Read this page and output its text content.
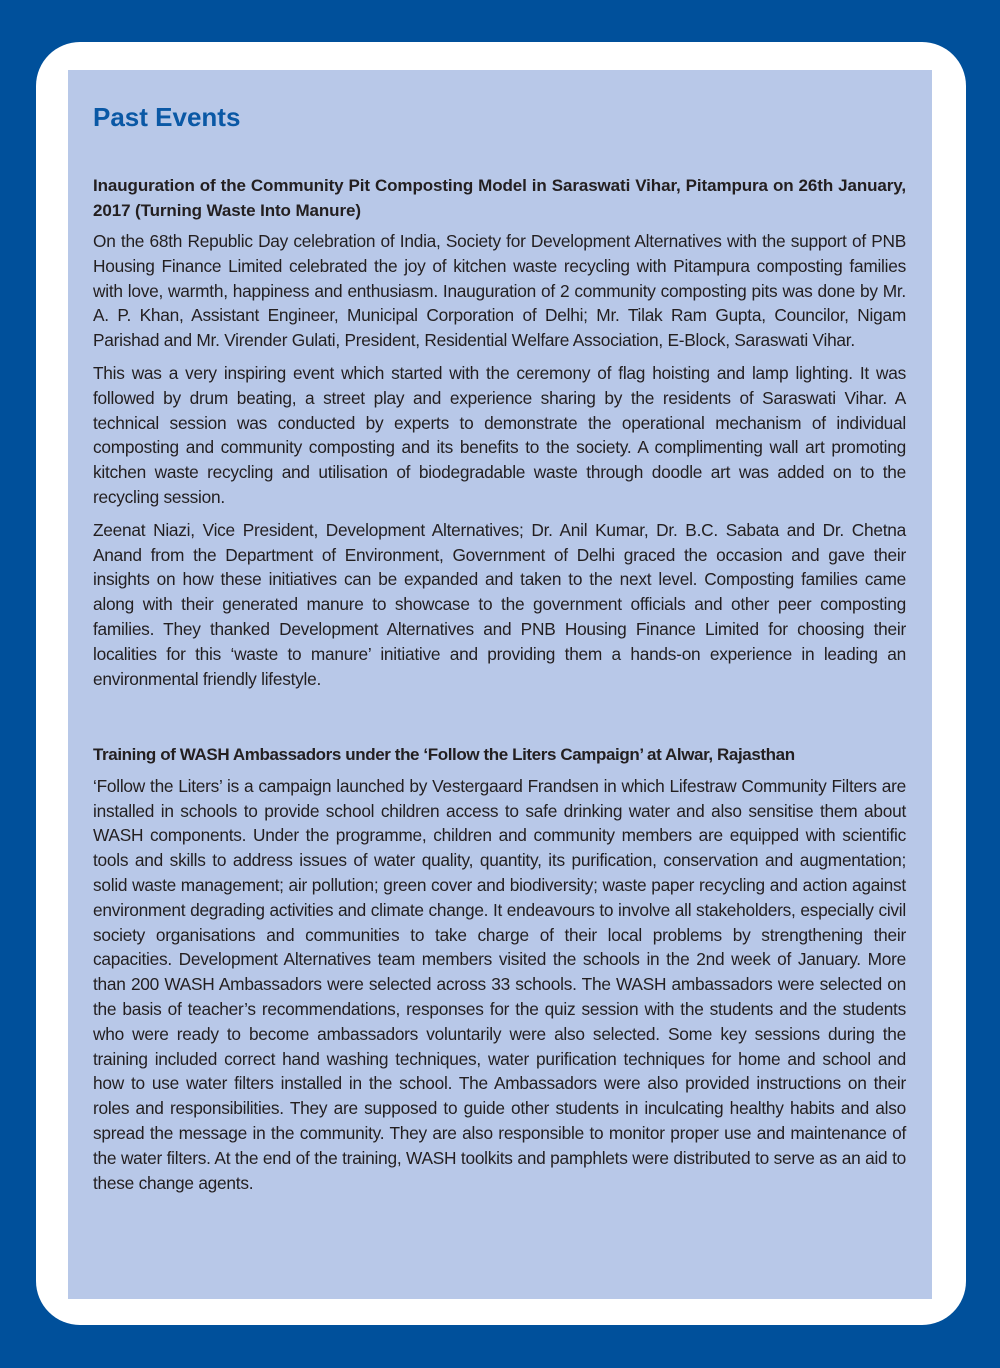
Past Events

Inauguration of the Community Pit Composting Model in Saraswati Vihar, Pitampura on 26th January, 2017 (Turning Waste Into Manure)

On the 68th Republic Day celebration of India, Society for Development Alternatives with the support of PNB Housing Finance Limited celebrated the joy of kitchen waste recycling with Pitampura composting families with love, warmth, happiness and enthusiasm. Inauguration of 2 community composting pits was done by Mr. A. P. Khan, Assistant Engineer, Municipal Corporation of Delhi; Mr. Tilak Ram Gupta, Councilor, Nigam Parishad and Mr. Virender Gulati, President, Residential Welfare Association, E-Block, Saraswati Vihar.

This was a very inspiring event which started with the ceremony of flag hoisting and lamp lighting. It was followed by drum beating, a street play and experience sharing by the residents of Saraswati Vihar. A technical session was conducted by experts to demonstrate the operational mechanism of individual composting and community composting and its benefits to the society. A complimenting wall art promoting kitchen waste recycling and utilisation of biodegradable waste through doodle art was added on to the recycling session.

Zeenat Niazi, Vice President, Development Alternatives; Dr. Anil Kumar, Dr. B.C. Sabata and Dr. Chetna Anand from the Department of Environment, Government of Delhi graced the occasion and gave their insights on how these initiatives can be expanded and taken to the next level. Composting families came along with their generated manure to showcase to the government officials and other peer composting families. They thanked Development Alternatives and PNB Housing Finance Limited for choosing their localities for this ‘waste to manure’ initiative and providing them a hands-on experience in leading an environmental friendly lifestyle.

Training of WASH Ambassadors under the ‘Follow the Liters Campaign’ at Alwar, Rajasthan

‘Follow the Liters’ is a campaign launched by Vestergaard Frandsen in which Lifestraw Community Filters are installed in schools to provide school children access to safe drinking water and also sensitise them about WASH components. Under the programme, children and community members are equipped with scientific tools and skills to address issues of water quality, quantity, its purification, conservation and augmentation; solid waste management; air pollution; green cover and biodiversity; waste paper recycling and action against environment degrading activities and climate change. It endeavours to involve all stakeholders, especially civil society organisations and communities to take charge of their local problems by strengthening their capacities. Development Alternatives team members visited the schools in the 2nd week of January. More than 200 WASH Ambassadors were selected across 33 schools. The WASH ambassadors were selected on the basis of teacher’s recommendations, responses for the quiz session with the students and the students who were ready to become ambassadors voluntarily were also selected. Some key sessions during the training included correct hand washing techniques, water purification techniques for home and school and how to use water filters installed in the school. The Ambassadors were also provided instructions on their roles and responsibilities. They are supposed to guide other students in inculcating healthy habits and also spread the message in the community. They are also responsible to monitor proper use and maintenance of the water filters. At the end of the training, WASH toolkits and pamphlets were distributed to serve as an aid to these change agents.
